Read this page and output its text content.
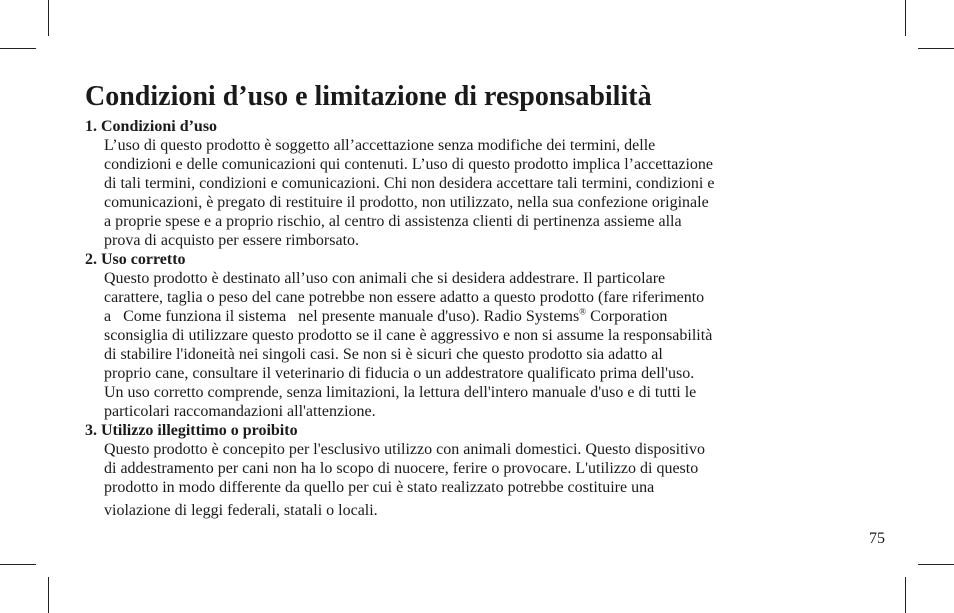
Condizioni d’uso e limitazione di responsabilità
1. Condizioni d’uso
L’uso di questo prodotto è soggetto all’accettazione senza modifiche dei termini, delle
condizioni e delle comunicazioni qui contenuti. L’uso di questo prodotto implica l’accettazione
di tali termini, condizioni e comunicazioni. Chi non desidera accettare tali termini, condizioni e
comunicazioni, è pregato di restituire il prodotto, non utilizzato, nella sua confezione originale
a proprie spese e a proprio rischio, al centro di assistenza clienti di pertinenza assieme alla
prova di acquisto per essere rimborsato.
2. Uso corretto
Questo prodotto è destinato all’uso con animali che si desidera addestrare. Il particolare
carattere, taglia o peso del cane potrebbe non essere adatto a questo prodotto (fare riferimento
a   Come funziona il sistema   nel presente manuale d'uso). Radio Systems® Corporation
sconsiglia di utilizzare questo prodotto se il cane è aggressivo e non si assume la responsabilità
di stabilire l'idoneità nei singoli casi. Se non si è sicuri che questo prodotto sia adatto al
proprio cane, consultare il veterinario di fiducia o un addestratore qualificato prima dell'uso.
Un uso corretto comprende, senza limitazioni, la lettura dell'intero manuale d'uso e di tutti le
particolari raccomandazioni all'attenzione.
3. Utilizzo illegittimo o proibito
Questo prodotto è concepito per l'esclusivo utilizzo con animali domestici. Questo dispositivo
di addestramento per cani non ha lo scopo di nuocere, ferire o provocare. L'utilizzo di questo
prodotto in modo differente da quello per cui è stato realizzato potrebbe costituire una
violazione di leggi federali, statali o locali.
75
